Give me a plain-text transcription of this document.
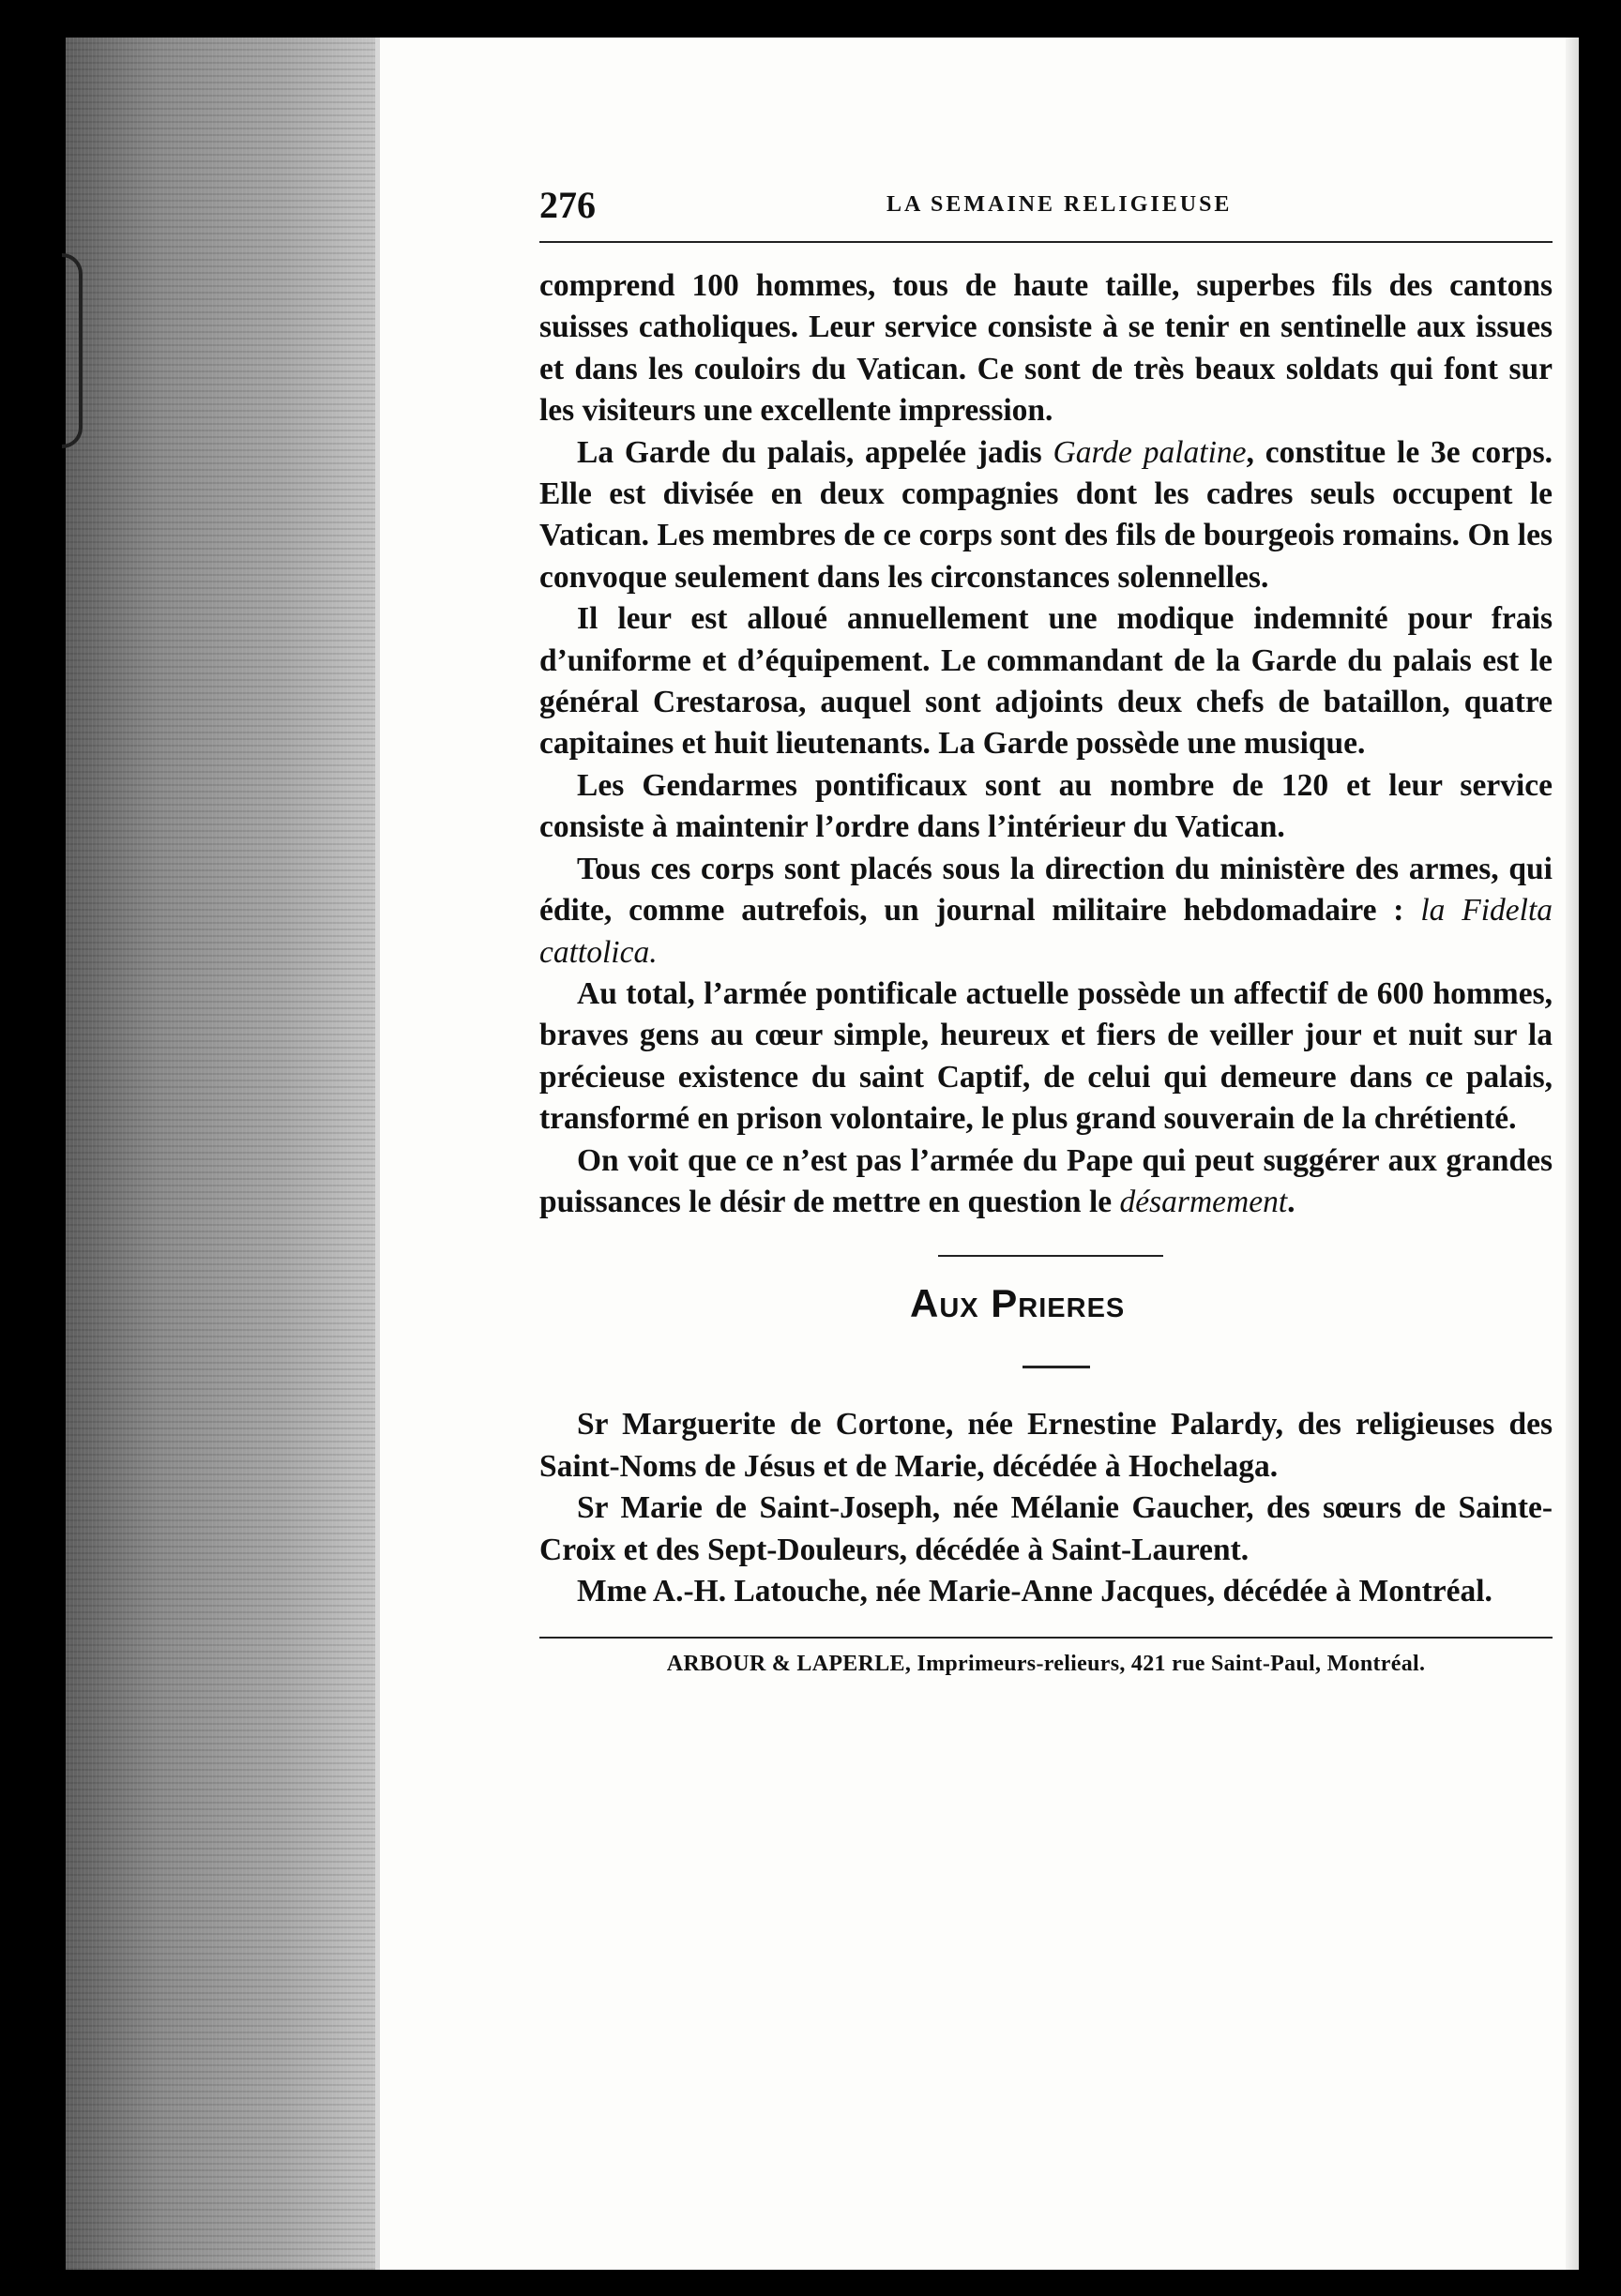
276	LA SEMAINE RELIGIEUSE

comprend 100 hommes, tous de haute taille, superbes fils des cantons suisses catholiques. Leur service consiste à se tenir en sentinelle aux issues et dans les couloirs du Vatican. Ce sont de très beaux soldats qui font sur les visiteurs une excellente impression.

La Garde du palais, appelée jadis Garde palatine, constitue le 3e corps. Elle est divisée en deux compagnies dont les cadres seuls occupent le Vatican. Les membres de ce corps sont des fils de bourgeois romains. On les convoque seulement dans les circonstances solennelles.

Il leur est alloué annuellement une modique indemnité pour frais d’uniforme et d’équipement. Le commandant de la Garde du palais est le général Crestarosa, auquel sont adjoints deux chefs de bataillon, quatre capitaines et huit lieutenants. La Garde possède une musique.

Les Gendarmes pontificaux sont au nombre de 120 et leur service consiste à maintenir l’ordre dans l’intérieur du Vatican.

Tous ces corps sont placés sous la direction du ministère des armes, qui édite, comme autrefois, un journal militaire hebdomadaire : la Fidelta cattolica.

Au total, l’armée pontificale actuelle possède un affectif de 600 hommes, braves gens au cœur simple, heureux et fiers de veiller jour et nuit sur la précieuse existence du saint Captif, de celui qui demeure dans ce palais, transformé en prison volontaire, le plus grand souverain de la chrétienté.

On voit que ce n’est pas l’armée du Pape qui peut suggérer aux grandes puissances le désir de mettre en question le désarmement.

Aux Prieres

Sr Marguerite de Cortone, née Ernestine Palardy, des religieuses des Saint-Noms de Jésus et de Marie, décédée à Hochelaga.

Sr Marie de Saint-Joseph, née Mélanie Gaucher, des sœurs de Sainte-Croix et des Sept-Douleurs, décédée à Saint-Laurent.

Mme A.-H. Latouche, née Marie-Anne Jacques, décédée à Montréal.

ARBOUR & LAPERLE, Imprimeurs-relieurs, 421 rue Saint-Paul, Montréal.
